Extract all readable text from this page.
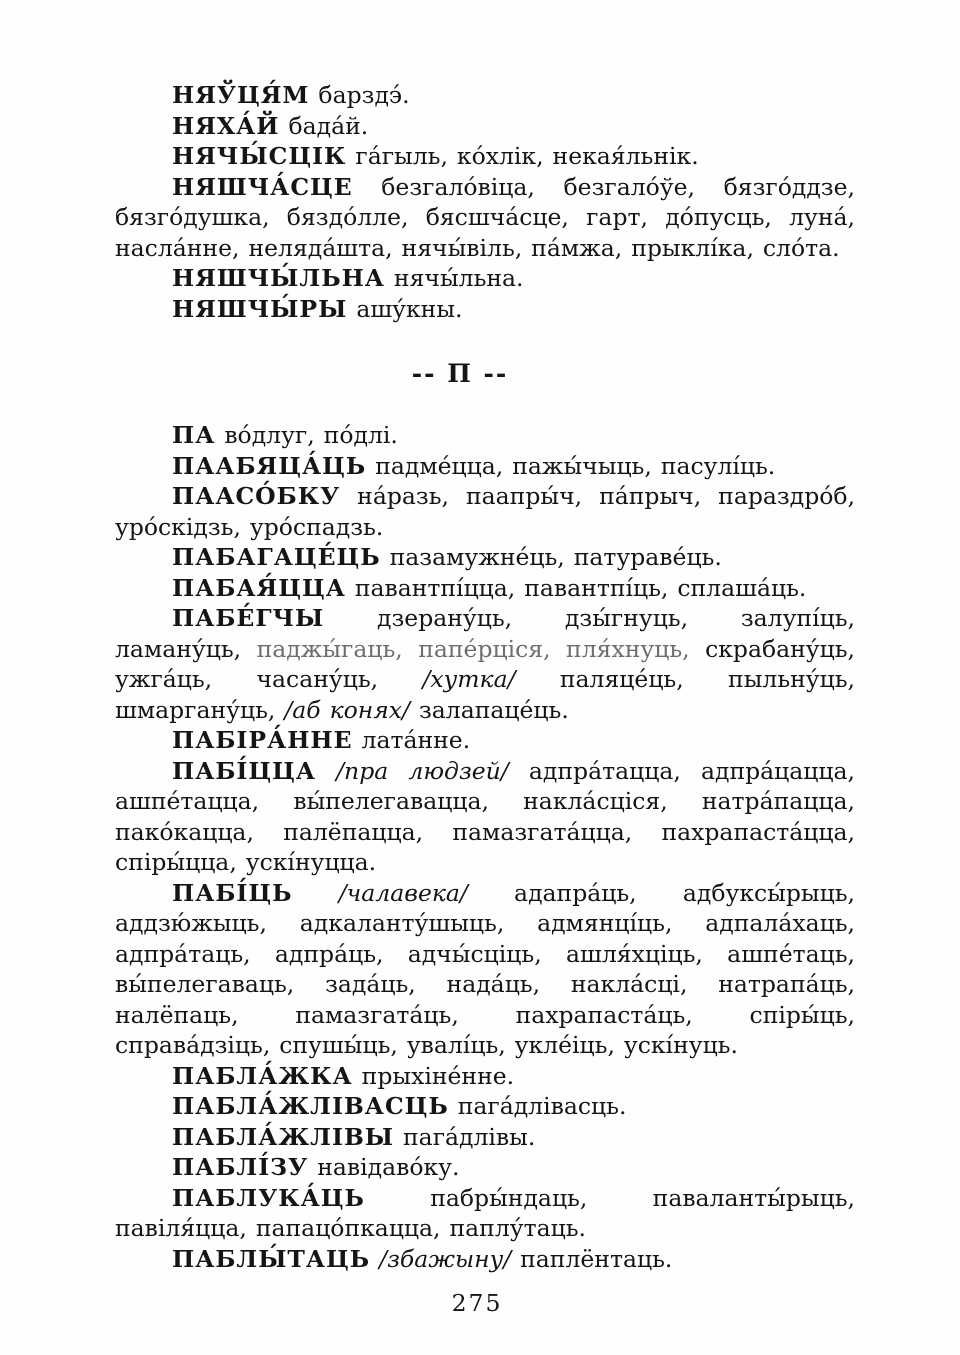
НЯЎЦЯ́М барздэ́.

НЯХА́Й бада́й.

НЯЧЫ́СЦІК га́гыль, ко́хлік, некая́льнік.

НЯШЧА́СЦЕ безгало́віца, безгало́ўе, бязго́ддзе, бязго́душка, бяздо́лле, бясшча́сце, гарт, до́пусць, луна́, насла́нне, неляда́шта, нячы́віль, па́мжа, прыклі́ка, сло́та.

НЯШЧЫ́ЛЬНА нячы́льна.

НЯШЧЫ́РЫ ашу́кны.

-- П --

ПА во́длуг, по́длі.

ПААБЯЦА́ЦЬ падме́цца, пажы́чыць, пасулі́ць.

ПААСО́БКУ на́разь, паапры́ч, па́прыч, параздро́б, уро́скідзь, уро́спадзь.

ПАБАГАЦЕ́ЦЬ пазамужне́ць, патураве́ць.

ПАБАЯ́ЦЦА павантпі́цца, павантпі́ць, сплаша́ць.

ПАБЕ́ГЧЫ дзерану́ць, дзы́гнуць, залупі́ць, ламану́ць, паджы́гаць, папе́рціся, пля́хнуць, скрабану́ць, ужга́ць, часану́ць, /хутка/ паляце́ць, пыльну́ць, шмаргану́ць, /аб конях/ залапаце́ць.

ПАБІРА́ННЕ лата́нне.

ПАБІ́ЦЦА /пра людзей/ адпра́тацца, адпра́цацца, ашпе́тацца, вы́пелегавацца, накла́сціся, натра́пацца, пако́кацца, палёпацца, памазгата́цца, пахрапаста́цца, спіры́цца, ускі́нуцца.

ПАБІ́ЦЬ /чалавека/ адапра́ць, адбуксы́рыць, аддзю́жыць, адкаланту́шыць, адмянці́ць, адпала́хаць, адпра́таць, адпра́ць, адчы́сціць, ашля́хціць, ашпе́таць, вы́пелегаваць, зада́ць, нада́ць, накла́сці, натрапа́ць, налёпаць, памазгата́ць, пахрапаста́ць, спіры́ць, справа́дзіць, спушы́ць, увалі́ць, укле́іць, ускі́нуць.

ПАБЛА́ЖКА прыхіне́нне.

ПАБЛА́ЖЛІВАСЦЬ пага́длівасць.

ПАБЛА́ЖЛІВЫ пага́длівы.

ПАБЛІ́ЗУ навідаво́ку.

ПАБЛУКА́ЦЬ пабры́ндаць, паваланты́рыць, павіля́цца, папацо́пкацца, паплу́таць.

ПАБЛЫ́ТАЦЬ /збажыну/ паплёнтаць.

275
